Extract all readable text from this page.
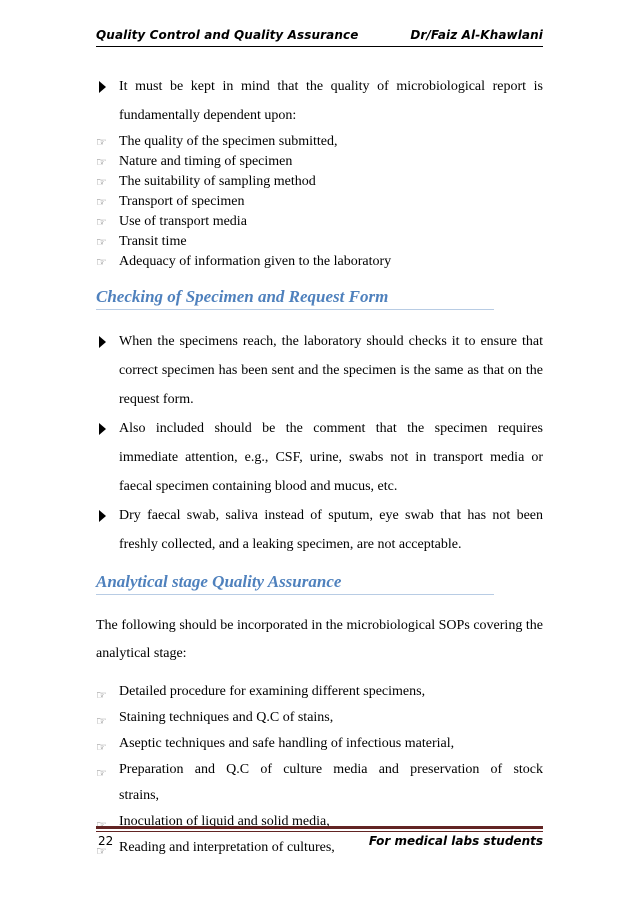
Quality Control and Quality Assurance	Dr/Faiz Al-Khawlani

It must be kept in mind that the quality of microbiological report is fundamentally dependent upon:

☞ The quality of the specimen submitted,
☞ Nature and timing of specimen
☞ The suitability of sampling method
☞ Transport of specimen
☞ Use of transport media
☞ Transit time
☞ Adequacy of information given to the laboratory
Checking of Specimen and Request Form

When the specimens reach, the laboratory should checks it to ensure that correct specimen has been sent and the specimen is the same as that on the request form.

Also included should be the comment that the specimen requires immediate attention, e.g., CSF, urine, swabs not in transport media or faecal specimen containing blood and mucus, etc.

Dry faecal swab, saliva instead of sputum, eye swab that has not been freshly collected, and a leaking specimen, are not acceptable.

Analytical stage Quality Assurance

The following should be incorporated in the microbiological SOPs covering the analytical stage:

☞ Detailed procedure for examining different specimens,
☞ Staining techniques and Q.C of stains,
☞ Aseptic techniques and safe handling of infectious material,
☞ Preparation and Q.C of culture media and preservation of stock
strains,
☞ Inoculation of liquid and solid media,
☞ Reading and interpretation of cultures,
22	For medical labs students
